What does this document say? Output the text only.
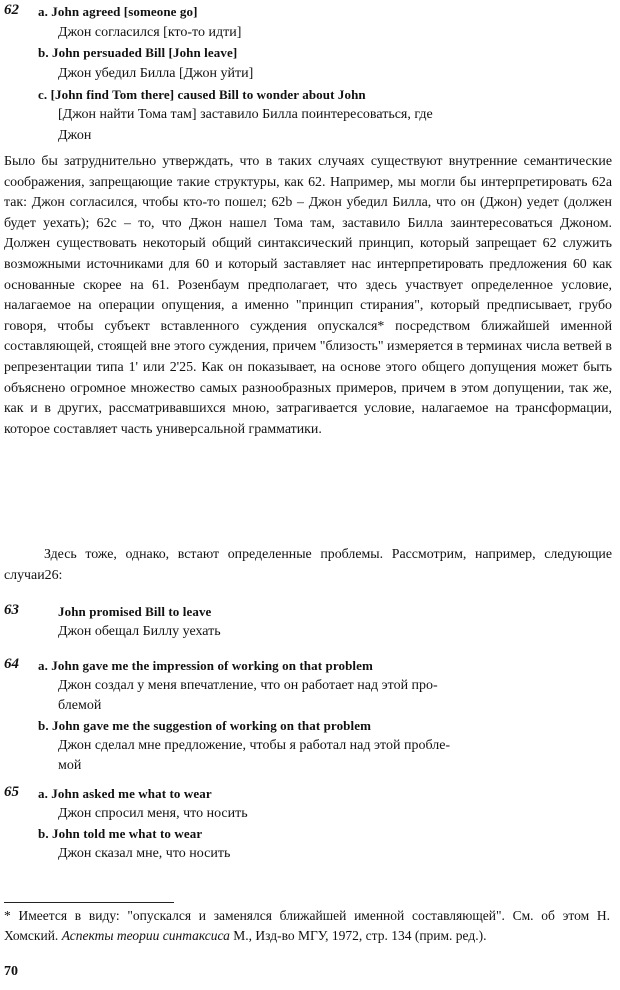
62 a. John agreed [someone go]
Джон согласился [кто-то идти]
b. John persuaded Bill [John leave]
Джон убедил Билла [Джон уйти]
c. [John find Tom there] caused Bill to wonder about John
[Джон найти Тома там] заставило Билла поинтересоваться, где
Джон

Было бы затруднительно утверждать, что в таких случаях существуют внутренние семантические соображения, запрещающие такие структуры, как 62. Например, мы могли бы интерпретировать 62а так: Джон согласился, чтобы кто-то пошел; 62b – Джон убедил Билла, что он (Джон) уедет (должен будет уехать); 62с – то, что Джон нашел Тома там, заставило Билла заинтересоваться Джоном. Должен существовать некоторый общий синтаксический принцип, который запрещает 62 служить возможными источниками для 60 и который заставляет нас интерпретировать предложения 60 как основанные скорее на 61. Розенбаум предполагает, что здесь участвует определенное условие, налагаемое на операции опущения, а именно "принцип стирания", который предписывает, грубо говоря, чтобы субъект вставленного суждения опускался* посредством ближайшей именной составляющей, стоящей вне этого суждения, причем "близость" измеряется в терминах числа ветвей в репрезентации типа 1' или 2'25. Как он показывает, на основе этого общего допущения может быть объяснено огромное множество самых разнообразных примеров, причем в этом допущении, так же, как и в других, рассматривавшихся мною, затрагивается условие, налагаемое на трансформации, которое составляет часть универсальной грамматики.

Здесь тоже, однако, встают определенные проблемы. Рассмотрим, например, следующие случаи26:

63	John promised Bill to leave
Джон обещал Биллу уехать
64 a. John gave me the impression of working on that problem
Джон создал у меня впечатление, что он работает над этой про-
блемой
b. John gave me the suggestion of working on that problem
Джон сделал мне предложение, чтобы я работал над этой пробле-
мой
65 a. John asked me what to wear
Джон спросил меня, что носить
b. John told me what to wear
Джон сказал мне, что носить

* Имеется в виду: "опускался и заменялся ближайшей именной составляющей". См. об этом Н. Хомский. Аспекты теории синтаксиса М., Изд-во МГУ, 1972, стр. 134 (прим. ред.).

70
